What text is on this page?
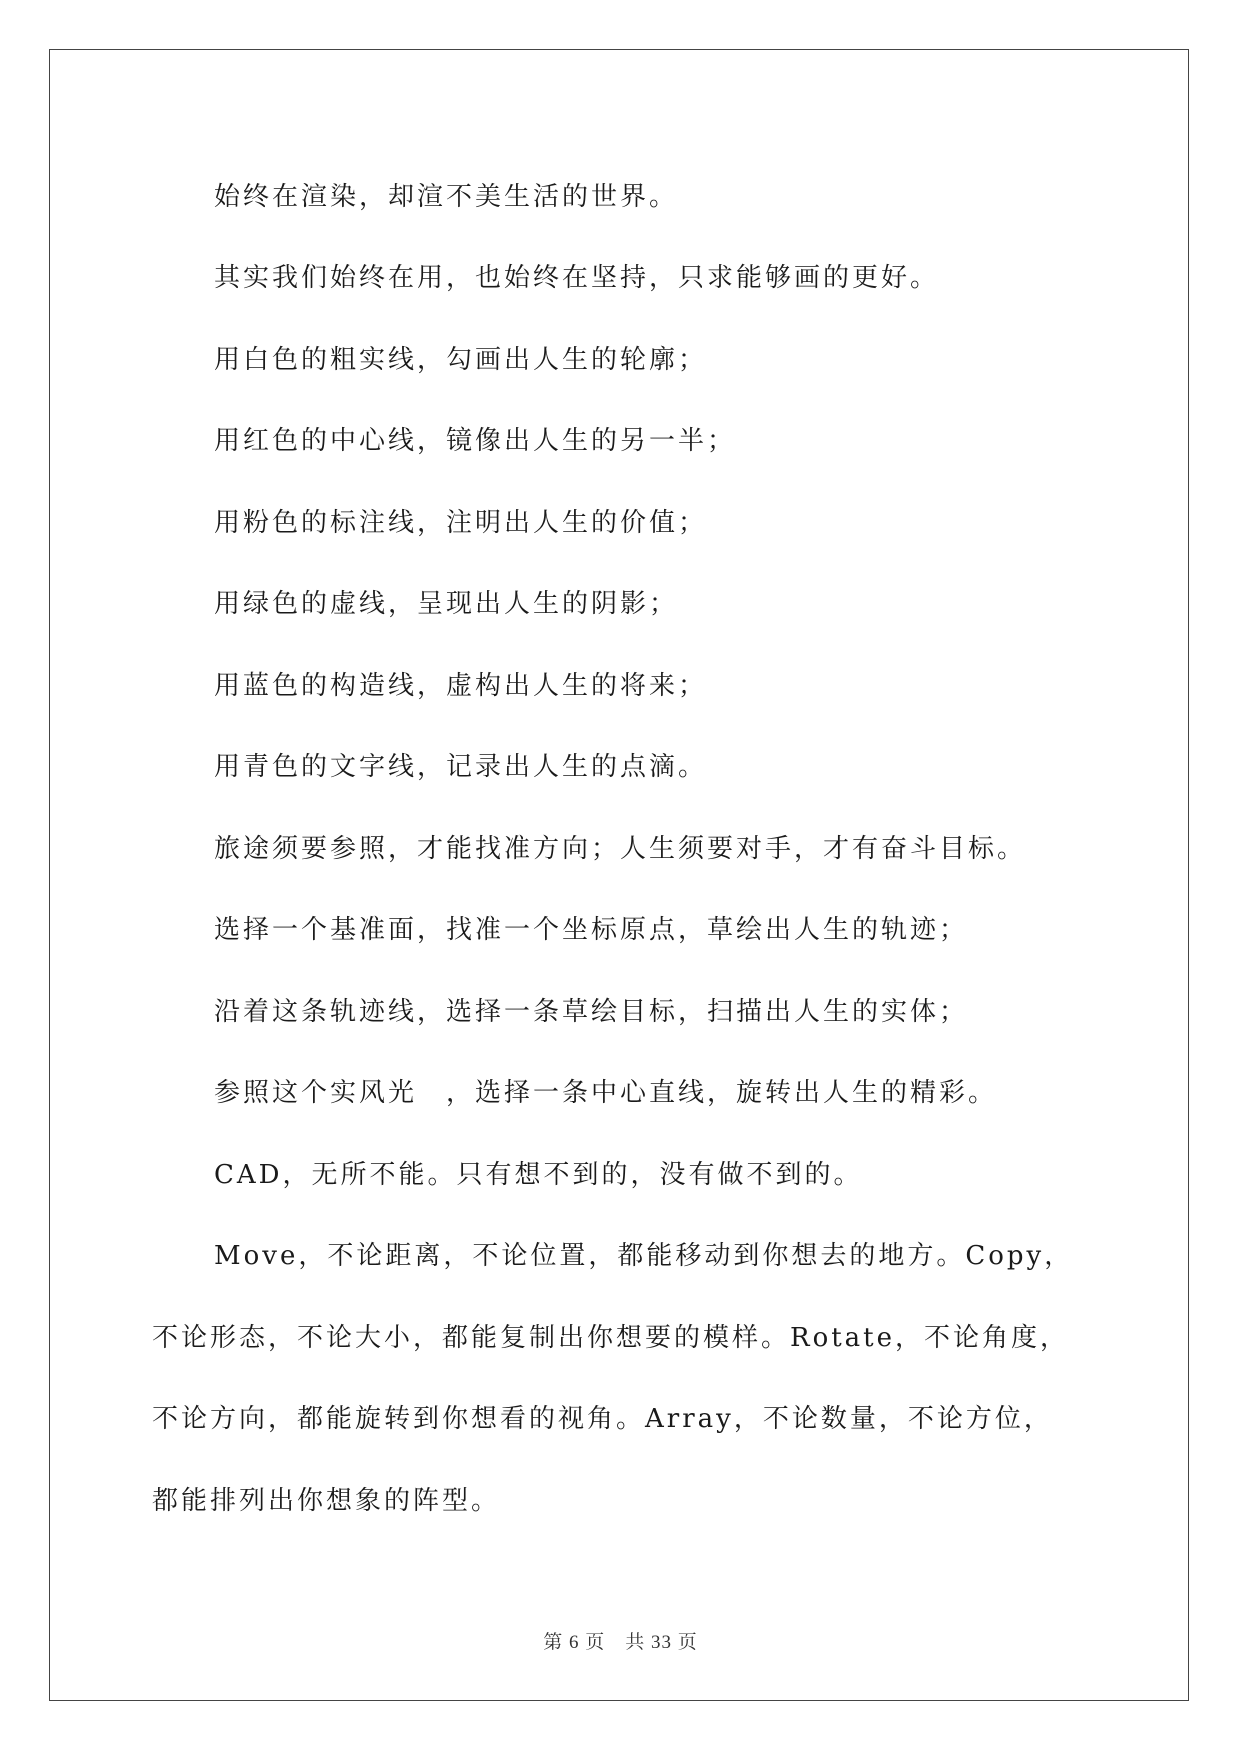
始终在渲染，却渲不美生活的世界。
其实我们始终在用，也始终在坚持，只求能够画的更好。
用白色的粗实线，勾画出人生的轮廓；
用红色的中心线，镜像出人生的另一半；
用粉色的标注线，注明出人生的价值；
用绿色的虚线，呈现出人生的阴影；
用蓝色的构造线，虚构出人生的将来；
用青色的文字线，记录出人生的点滴。
旅途须要参照，才能找准方向；人生须要对手，才有奋斗目标。
选择一个基准面，找准一个坐标原点，草绘出人生的轨迹；
沿着这条轨迹线，选择一条草绘目标，扫描出人生的实体；
参照这个实风光　，选择一条中心直线，旋转出人生的精彩。
CAD，无所不能。只有想不到的，没有做不到的。
Move，不论距离，不论位置，都能移动到你想去的地方。Copy，
不论形态，不论大小，都能复制出你想要的模样。Rotate，不论角度，
不论方向，都能旋转到你想看的视角。Array，不论数量，不论方位，
都能排列出你想象的阵型。
第 6 页　共 33 页
